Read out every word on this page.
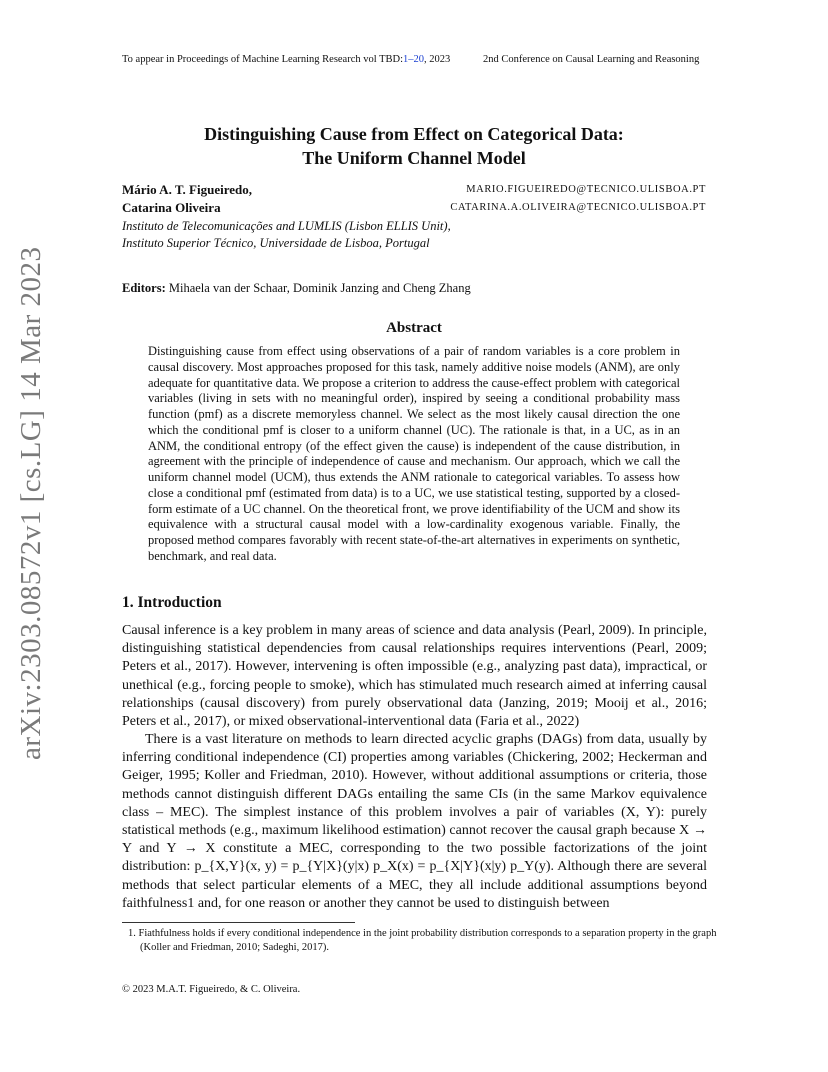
To appear in Proceedings of Machine Learning Research vol TBD:1–20, 2023	2nd Conference on Causal Learning and Reasoning
Distinguishing Cause from Effect on Categorical Data:
The Uniform Channel Model
Mário A. T. Figueiredo,	MARIO.FIGUEIREDO@TECNICO.ULISBOA.PT
Catarina Oliveira	CATARINA.A.OLIVEIRA@TECNICO.ULISBOA.PT
Instituto de Telecomunicações and LUMLIS (Lisbon ELLIS Unit),
Instituto Superior Técnico, Universidade de Lisboa, Portugal
Editors: Mihaela van der Schaar, Dominik Janzing and Cheng Zhang
Abstract
Distinguishing cause from effect using observations of a pair of random variables is a core problem in causal discovery. Most approaches proposed for this task, namely additive noise models (ANM), are only adequate for quantitative data. We propose a criterion to address the cause-effect problem with categorical variables (living in sets with no meaningful order), inspired by seeing a conditional probability mass function (pmf) as a discrete memoryless channel. We select as the most likely causal direction the one which the conditional pmf is closer to a uniform channel (UC). The rationale is that, in a UC, as in an ANM, the conditional entropy (of the effect given the cause) is independent of the cause distribution, in agreement with the principle of independence of cause and mechanism. Our approach, which we call the uniform channel model (UCM), thus extends the ANM rationale to categorical variables. To assess how close a conditional pmf (estimated from data) is to a UC, we use statistical testing, supported by a closed-form estimate of a UC channel. On the theoretical front, we prove identifiability of the UCM and show its equivalence with a structural causal model with a low-cardinality exogenous variable. Finally, the proposed method compares favorably with recent state-of-the-art alternatives in experiments on synthetic, benchmark, and real data.
1. Introduction
Causal inference is a key problem in many areas of science and data analysis (Pearl, 2009). In principle, distinguishing statistical dependencies from causal relationships requires interventions (Pearl, 2009; Peters et al., 2017). However, intervening is often impossible (e.g., analyzing past data), impractical, or unethical (e.g., forcing people to smoke), which has stimulated much research aimed at inferring causal relationships (causal discovery) from purely observational data (Janzing, 2019; Mooij et al., 2016; Peters et al., 2017), or mixed observational-interventional data (Faria et al., 2022)
There is a vast literature on methods to learn directed acyclic graphs (DAGs) from data, usually by inferring conditional independence (CI) properties among variables (Chickering, 2002; Heckerman and Geiger, 1995; Koller and Friedman, 2010). However, without additional assumptions or criteria, those methods cannot distinguish different DAGs entailing the same CIs (in the same Markov equivalence class – MEC). The simplest instance of this problem involves a pair of variables (X, Y): purely statistical methods (e.g., maximum likelihood estimation) cannot recover the causal graph because X → Y and Y → X constitute a MEC, corresponding to the two possible factorizations of the joint distribution: p_{X,Y}(x, y) = p_{Y|X}(y|x) p_X(x) = p_{X|Y}(x|y) p_Y(y). Although there are several methods that select particular elements of a MEC, they all include additional assumptions beyond faithfulness1 and, for one reason or another they cannot be used to distinguish between
1. Fiathfulness holds if every conditional independence in the joint probability distribution corresponds to a separation property in the graph (Koller and Friedman, 2010; Sadeghi, 2017).
© 2023 M.A.T. Figueiredo, & C. Oliveira.
arXiv:2303.08572v1 [cs.LG] 14 Mar 2023
